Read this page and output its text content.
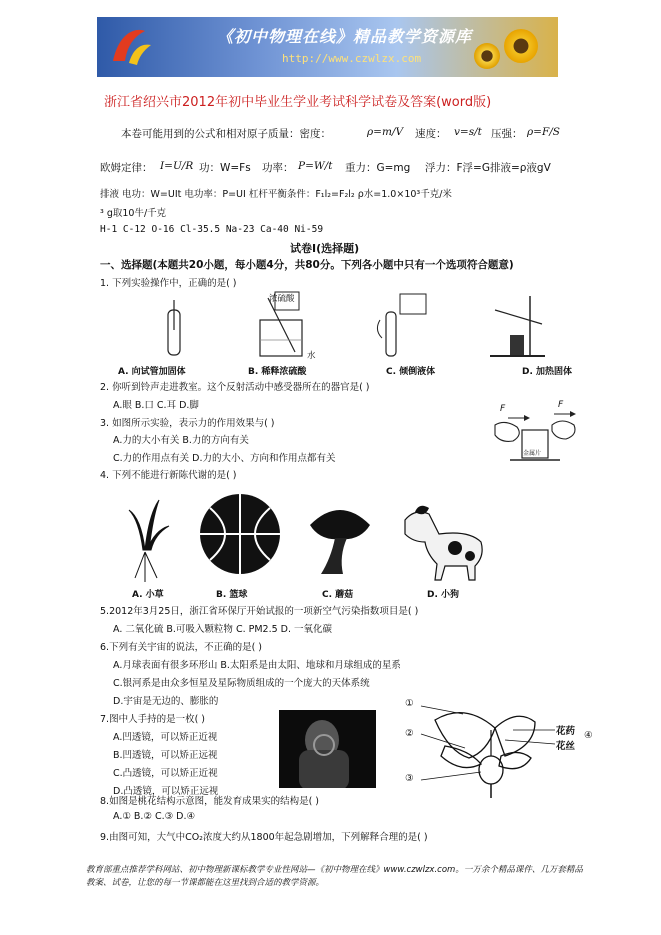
《初中物理在线》精品教学资源库
http://www.czwlzx.com
浙江省绍兴市2012年初中毕业生学业考试科学试卷及答案(word版)
本卷可能用到的公式和相对原子质量：密度：	ρ=m/V 速度： v=s/t 压强： ρ=F/S
欧姆定律： I=U/R 功：W=Fs 功率： P=W/t 重力：G=mg 浮力：F浮=G排液=ρ液gV
排液 电功：W=UIt 电功率：P=UI 杠杆平衡条件：F₁l₂=F₂l₂ ρ水=1.0×10³千克/米
³ g取10牛/千克
H-1 C-12 O-16 Cl-35.5 Na-23 Ca-40 Ni-59
试卷Ⅰ(选择题)
一、选择题(本题共20小题，每小题4分，共80分。下列各小题中只有一个选项符合题意)
1. 下列实验操作中，正确的是( )
浓硫酸
水
A. 向试管加固体	B. 稀释浓硫酸	C. 倾倒液体	D. 加热固体
2. 你听到铃声走进教室。这个反射活动中感受器所在的器官是( )
A.眼 B.口 C.耳 D.脚
3. 如图所示实验，表示力的作用效果与( )
A.力的大小有关 B.力的方向有关
C.力的作用点有关 D.力的大小、方向和作用点都有关
F	F
金属片
4. 下列不能进行新陈代谢的是( )
A. 小草	B. 篮球	C. 蘑菇	D. 小狗
5.2012年3月25日，浙江省环保厅开始试报的一项新空气污染指数项目是( )
A. 二氧化硫 B.可吸入颗粒物 C. PM2.5 D. 一氧化碳
6.下列有关宇宙的说法，不正确的是( )
A.月球表面有很多环形山 B.太阳系是由太阳、地球和月球组成的星系
C.银河系是由众多恒星及星际物质组成的一个庞大的天体系统
D.宇宙是无边的、膨胀的
7.图中人手持的是一枚( )
A.凹透镜，可以矫正近视
B.凹透镜，可以矫正远视
C.凸透镜，可以矫正近视
D.凸透镜，可以矫正远视
①
②
③
花药
花丝
④
8.如图是桃花结构示意图，能发育成果实的结构是( )
A.① B.② C.③ D.④
9.由图可知，大气中CO₂浓度大约从1800年起急剧增加，下列解释合理的是( )
教育部重点推荐学科网站、初中物理新课标教学专业性网站—《初中物理在线》www.czwlzx.com。一万余个精品课件、几万套精品教案、试卷，让您的每一节课都能在这里找到合适的教学资源。
